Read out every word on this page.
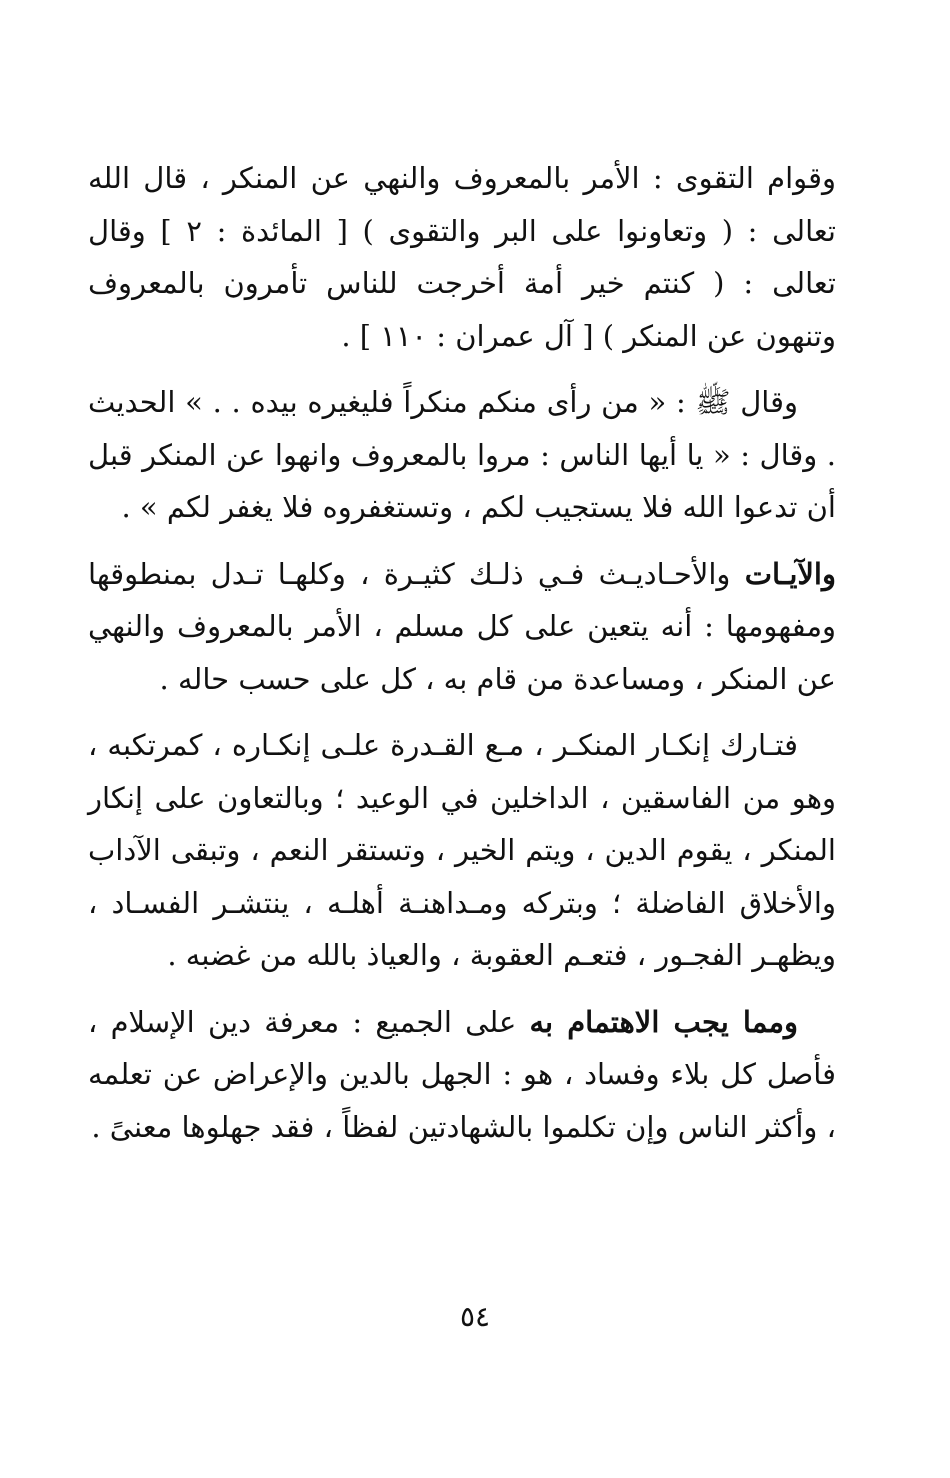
وقوام التقوى : الأمر بالمعروف والنهي عن المنكر ، قال الله تعالى : ( وتعاونوا على البر والتقوى ) [ المائدة : ٢ ] وقال تعالى : ( كنتم خير أمة أخرجت للناس تأمرون بالمعروف وتنهون عن المنكر ) [ آل عمران : ١١٠ ] .

وقال ﷺ : « من رأى منكم منكراً فليغيره بيده . . » الحديث . وقال : « يا أيها الناس : مروا بالمعروف وانهوا عن المنكر قبل أن تدعوا الله فلا يستجيب لكم ، وتستغفروه فلا يغفر لكم » .

والآيـات والأحـاديـث فـي ذلـك كثيـرة ، وكلهـا تـدل بمنطوقها ومفهومها : أنه يتعين على كل مسلم ، الأمر بالمعروف والنهي عن المنكر ، ومساعدة من قام به ، كل على حسب حاله .

فتـارك إنكـار المنكـر ، مـع القـدرة علـى إنكـاره ، كمرتكبه ، وهو من الفاسقين ، الداخلين في الوعيد ؛ وبالتعاون على إنكار المنكر ، يقوم الدين ، ويتم الخير ، وتستقر النعم ، وتبقى الآداب والأخلاق الفاضلة ؛ وبتركه ومـداهنـة أهلـه ، ينتشـر الفسـاد ، ويظهـر الفجـور ، فتعـم العقوبة ، والعياذ بالله من غضبه .

ومما يجب الاهتمام به على الجميع : معرفة دين الإسلام ، فأصل كل بلاء وفساد ، هو : الجهل بالدين والإعراض عن تعلمه ، وأكثر الناس وإن تكلموا بالشهادتين لفظاً ، فقد جهلوها معنىً .

٥٤
